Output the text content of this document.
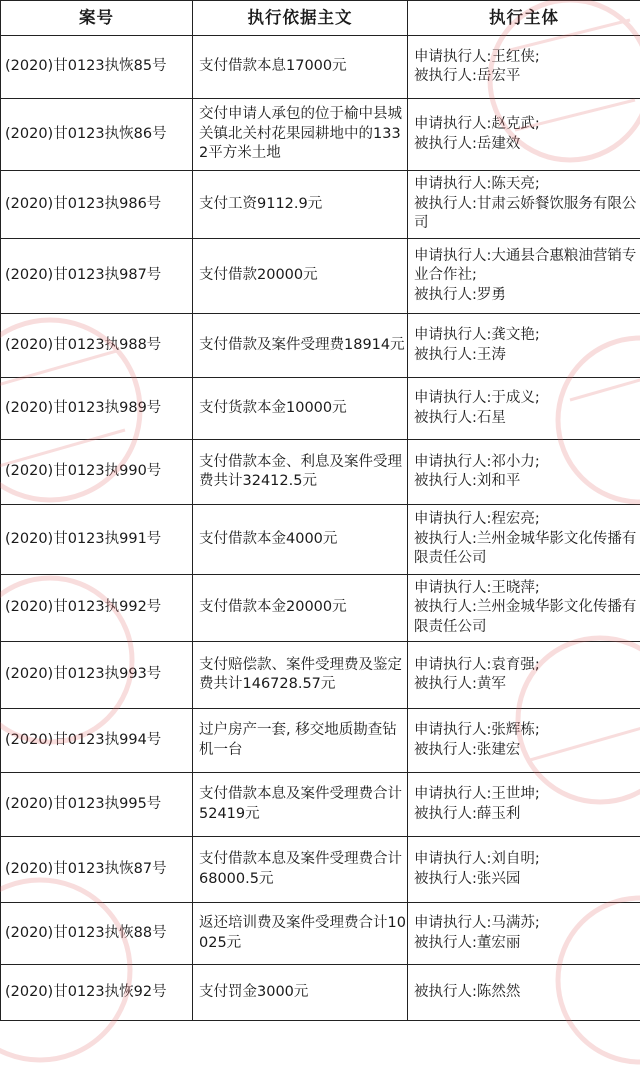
案号	执行依据主文	执行主体
(2020)甘0123执恢85号	支付借款本息17000元	申请执行人:王红侠;
被执行人:岳宏平

(2020)甘0123执恢86号	交付申请人承包的位于榆中县城关镇北关村花果园耕地中的1332平方米土地	申请执行人:赵克武;
被执行人:岳建效

(2020)甘0123执986号	支付工资9112.9元	申请执行人:陈天亮;
被执行人:甘肃云娇餐饮服务有限公司

(2020)甘0123执987号	支付借款20000元	申请执行人:大通县合惠粮油营销专业合作社;
被执行人:罗勇

(2020)甘0123执988号	支付借款及案件受理费18914元	申请执行人:龚文艳;
被执行人:王涛

(2020)甘0123执989号	支付货款本金10000元	申请执行人:于成义;
被执行人:石星

(2020)甘0123执990号	支付借款本金、利息及案件受理费共计32412.5元	申请执行人:祁小力;
被执行人:刘和平

(2020)甘0123执991号	支付借款本金4000元	申请执行人:程宏亮;
被执行人:兰州金城华影文化传播有限责任公司

(2020)甘0123执992号	支付借款本金20000元	申请执行人:王晓萍;
被执行人:兰州金城华影文化传播有限责任公司

(2020)甘0123执993号	支付赔偿款、案件受理费及鉴定费共计146728.57元	申请执行人:袁育强;
被执行人:黄军

(2020)甘0123执994号	过户房产一套, 移交地质勘查钻机一台	申请执行人:张辉栋;
被执行人:张建宏

(2020)甘0123执995号	支付借款本息及案件受理费合计52419元	申请执行人:王世坤;
被执行人:薛玉利

(2020)甘0123执恢87号	支付借款本息及案件受理费合计68000.5元	申请执行人:刘自明;
被执行人:张兴园

(2020)甘0123执恢88号	返还培训费及案件受理费合计10025元	申请执行人:马满苏;
被执行人:董宏丽

(2020)甘0123执恢92号	支付罚金3000元	被执行人:陈然然
